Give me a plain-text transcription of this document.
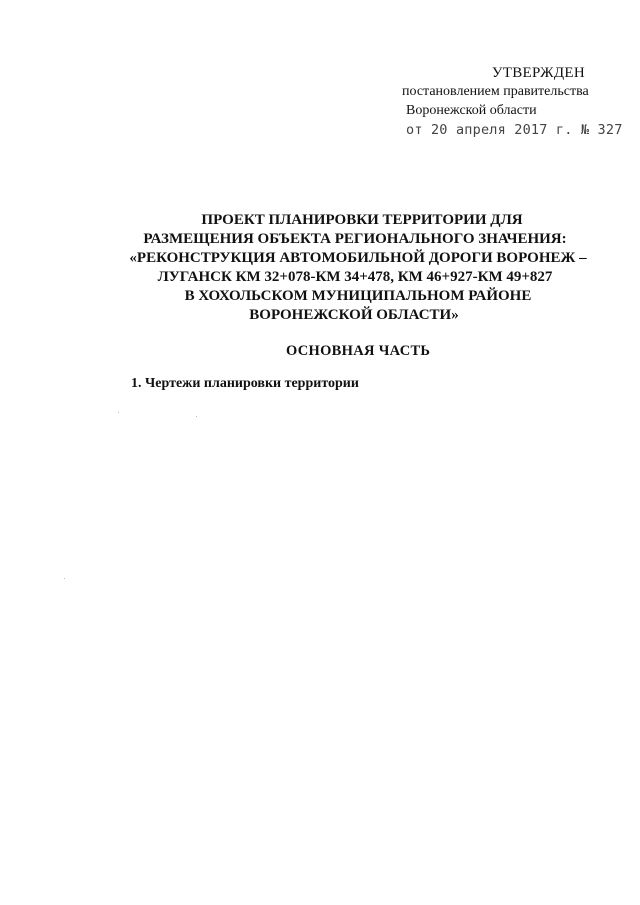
УТВЕРЖДЕН
постановлением правительства
Воронежской области
от 20 апреля 2017 г. № 327
ПРОЕКТ ПЛАНИРОВКИ ТЕРРИТОРИИ ДЛЯ
РАЗМЕЩЕНИЯ ОБЪЕКТА РЕГИОНАЛЬНОГО ЗНАЧЕНИЯ:
«РЕКОНСТРУКЦИЯ АВТОМОБИЛЬНОЙ ДОРОГИ ВОРОНЕЖ –
ЛУГАНСК КМ 32+078-КМ 34+478, КМ 46+927-КМ 49+827
В ХОХОЛЬСКОМ МУНИЦИПАЛЬНОМ РАЙОНЕ
ВОРОНЕЖСКОЙ ОБЛАСТИ»
ОСНОВНАЯ ЧАСТЬ
1. Чертежи планировки территории
